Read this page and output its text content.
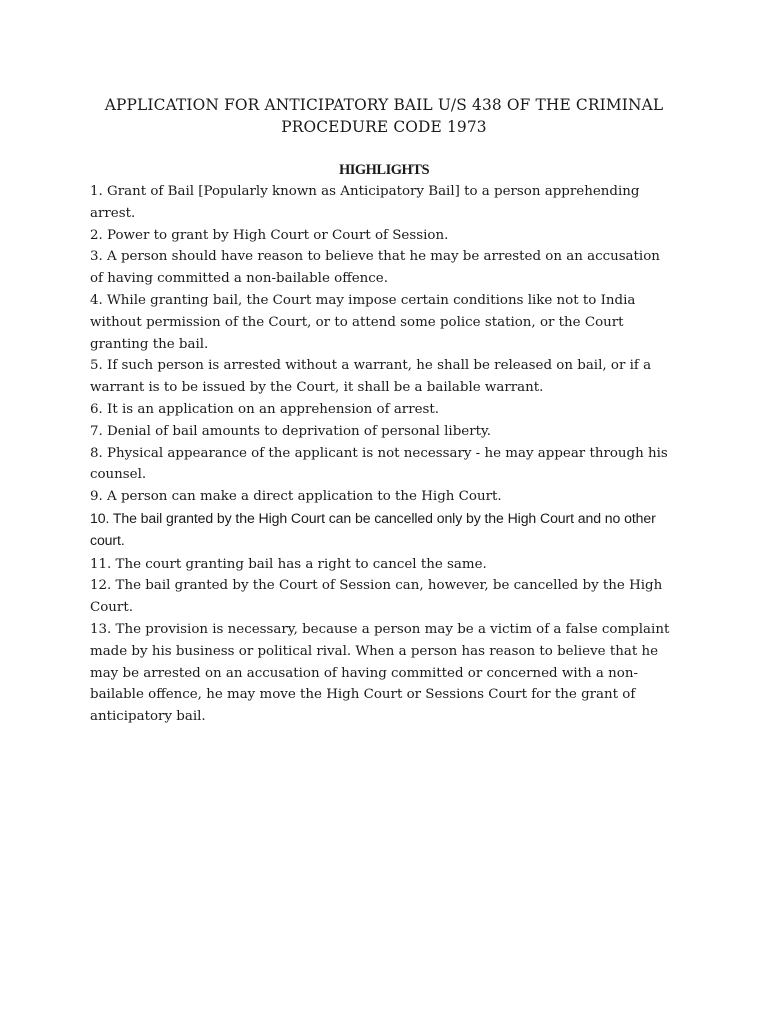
APPLICATION FOR ANTICIPATORY BAIL U/S 438 OF THE CRIMINAL PROCEDURE CODE 1973
HIGHLIGHTS
1. Grant of Bail [Popularly known as Anticipatory Bail] to a person apprehending arrest.
2. Power to grant by High Court or Court of Session.
3. A person should have reason to believe that he may be arrested on an accusation of having committed a non-bailable offence.
4. While granting bail, the Court may impose certain conditions like not to India without permission of the Court, or to attend some police station, or the Court granting the bail.
5. If such person is arrested without a warrant, he shall be released on bail, or if a warrant is to be issued by the Court, it shall be a bailable warrant.
6. It is an application on an apprehension of arrest.
7. Denial of bail amounts to deprivation of personal liberty.
8. Physical appearance of the applicant is not necessary - he may appear through his counsel.
9. A person can make a direct application to the High Court.
10. The bail granted by the High Court can be cancelled only by the High Court and no other court.
11. The court granting bail has a right to cancel the same.
12. The bail granted by the Court of Session can, however, be cancelled by the High Court.
13. The provision is necessary, because a person may be a victim of a false complaint made by his business or political rival. When a person has reason to believe that he may be arrested on an accusation of having committed or concerned with a non-bailable offence, he may move the High Court or Sessions Court for the grant of anticipatory bail.
